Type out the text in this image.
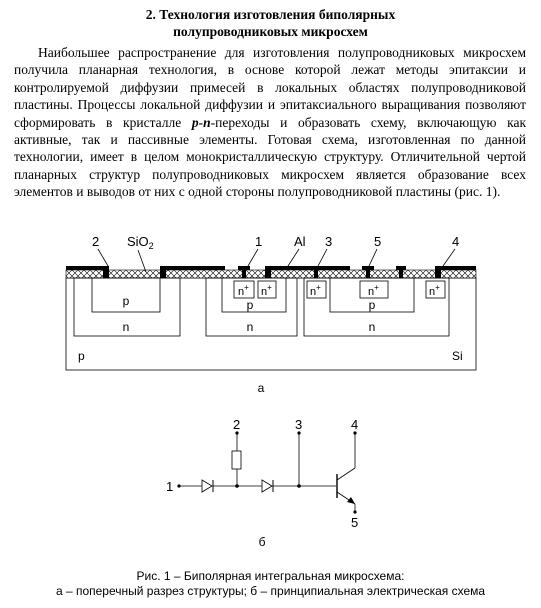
2. Технология изготовления биполярных
полупроводниковых микросхем

Наибольшее распространение для изготовления полупроводниковых микросхем получила планарная технология, в основе которой лежат методы эпитаксии и контролируемой диффузии примесей в локальных областях полупроводниковой пластины. Процессы локальной диффузии и эпитаксиального выращивания позволяют сформировать в кристалле p-n-переходы и образовать схему, включающую как активные, так и пассивные элементы. Готовая схема, изготовленная по данной технологии, имеет в целом монокристаллическую структуру. Отличительной чертой планарных структур полупроводниковых микросхем является образование всех элементов и выводов от них с одной стороны полупроводниковой пластины (рис. 1).

p
n
n+ n+
p
n
n+	n+	n+
p
n
p	Si
2 SiO$_2$	1 Al 3	5	4
a
1
2	3	4
5
б
Рис. 1 – Биполярная интегральная микросхема:
а – поперечный разрез структуры; б – принципиальная электрическая схема
